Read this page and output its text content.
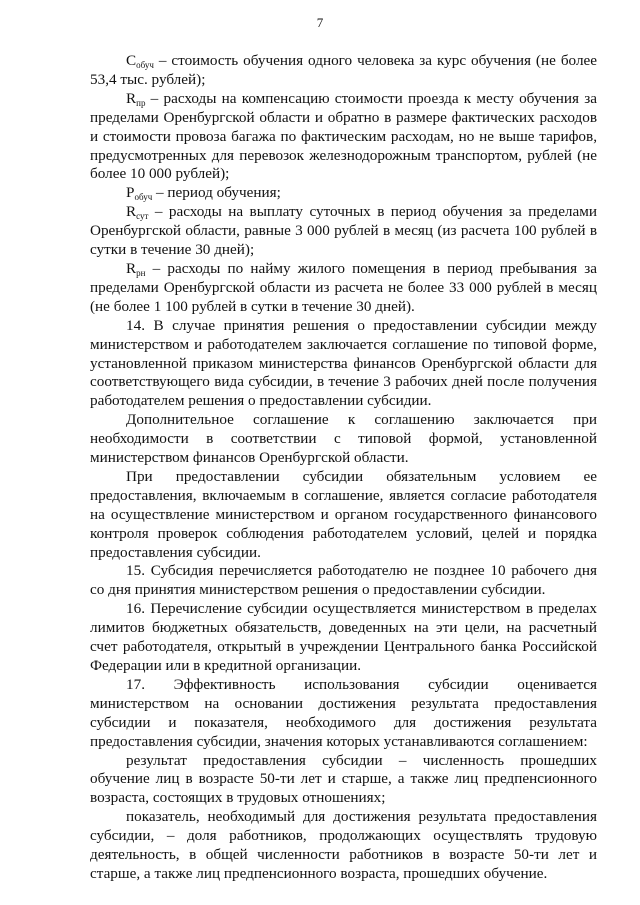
7

$C_{обуч}$ – стоимость обучения одного человека за курс обучения (не более 53,4 тыс. рублей);

$R_{пр}$ – расходы на компенсацию стоимости проезда к месту обучения за пределами Оренбургской области и обратно в размере фактических расходов и стоимости провоза багажа по фактическим расходам, но не выше тарифов, предусмотренных для перевозок железнодорожным транспортом, рублей (не более 10 000 рублей);

$P_{обуч}$ – период обучения;

$R_{сут}$ – расходы на выплату суточных в период обучения за пределами Оренбургской области, равные 3 000 рублей в месяц (из расчета 100 рублей в сутки в течение 30 дней);

$R_{рн}$ – расходы по найму жилого помещения в период пребывания за пределами Оренбургской области из расчета не более 33 000 рублей в месяц (не более 1 100 рублей в сутки в течение 30 дней).

14. В случае принятия решения о предоставлении субсидии между министерством и работодателем заключается соглашение по типовой форме, установленной приказом министерства финансов Оренбургской области для соответствующего вида субсидии, в течение 3 рабочих дней после получения работодателем решения о предоставлении субсидии.

Дополнительное соглашение к соглашению заключается при необходимости в соответствии с типовой формой, установленной министерством финансов Оренбургской области.

При предоставлении субсидии обязательным условием ее предоставления, включаемым в соглашение, является согласие работодателя на осуществление министерством и органом государственного финансового контроля проверок соблюдения работодателем условий, целей и порядка предоставления субсидии.

15. Субсидия перечисляется работодателю не позднее 10 рабочего дня со дня принятия министерством решения о предоставлении субсидии.

16. Перечисление субсидии осуществляется министерством в пределах лимитов бюджетных обязательств, доведенных на эти цели, на расчетный счет работодателя, открытый в учреждении Центрального банка Российской Федерации или в кредитной организации.

17. Эффективность использования субсидии оценивается министерством на основании достижения результата предоставления субсидии и показателя, необходимого для достижения результата предоставления субсидии, значения которых устанавливаются соглашением:

результат предоставления субсидии – численность прошедших обучение лиц в возрасте 50-ти лет и старше, а также лиц предпенсионного возраста, состоящих в трудовых отношениях;

показатель, необходимый для достижения результата предоставления субсидии, – доля работников, продолжающих осуществлять трудовую деятельность, в общей численности работников в возрасте 50-ти лет и старше, а также лиц предпенсионного возраста, прошедших обучение.
